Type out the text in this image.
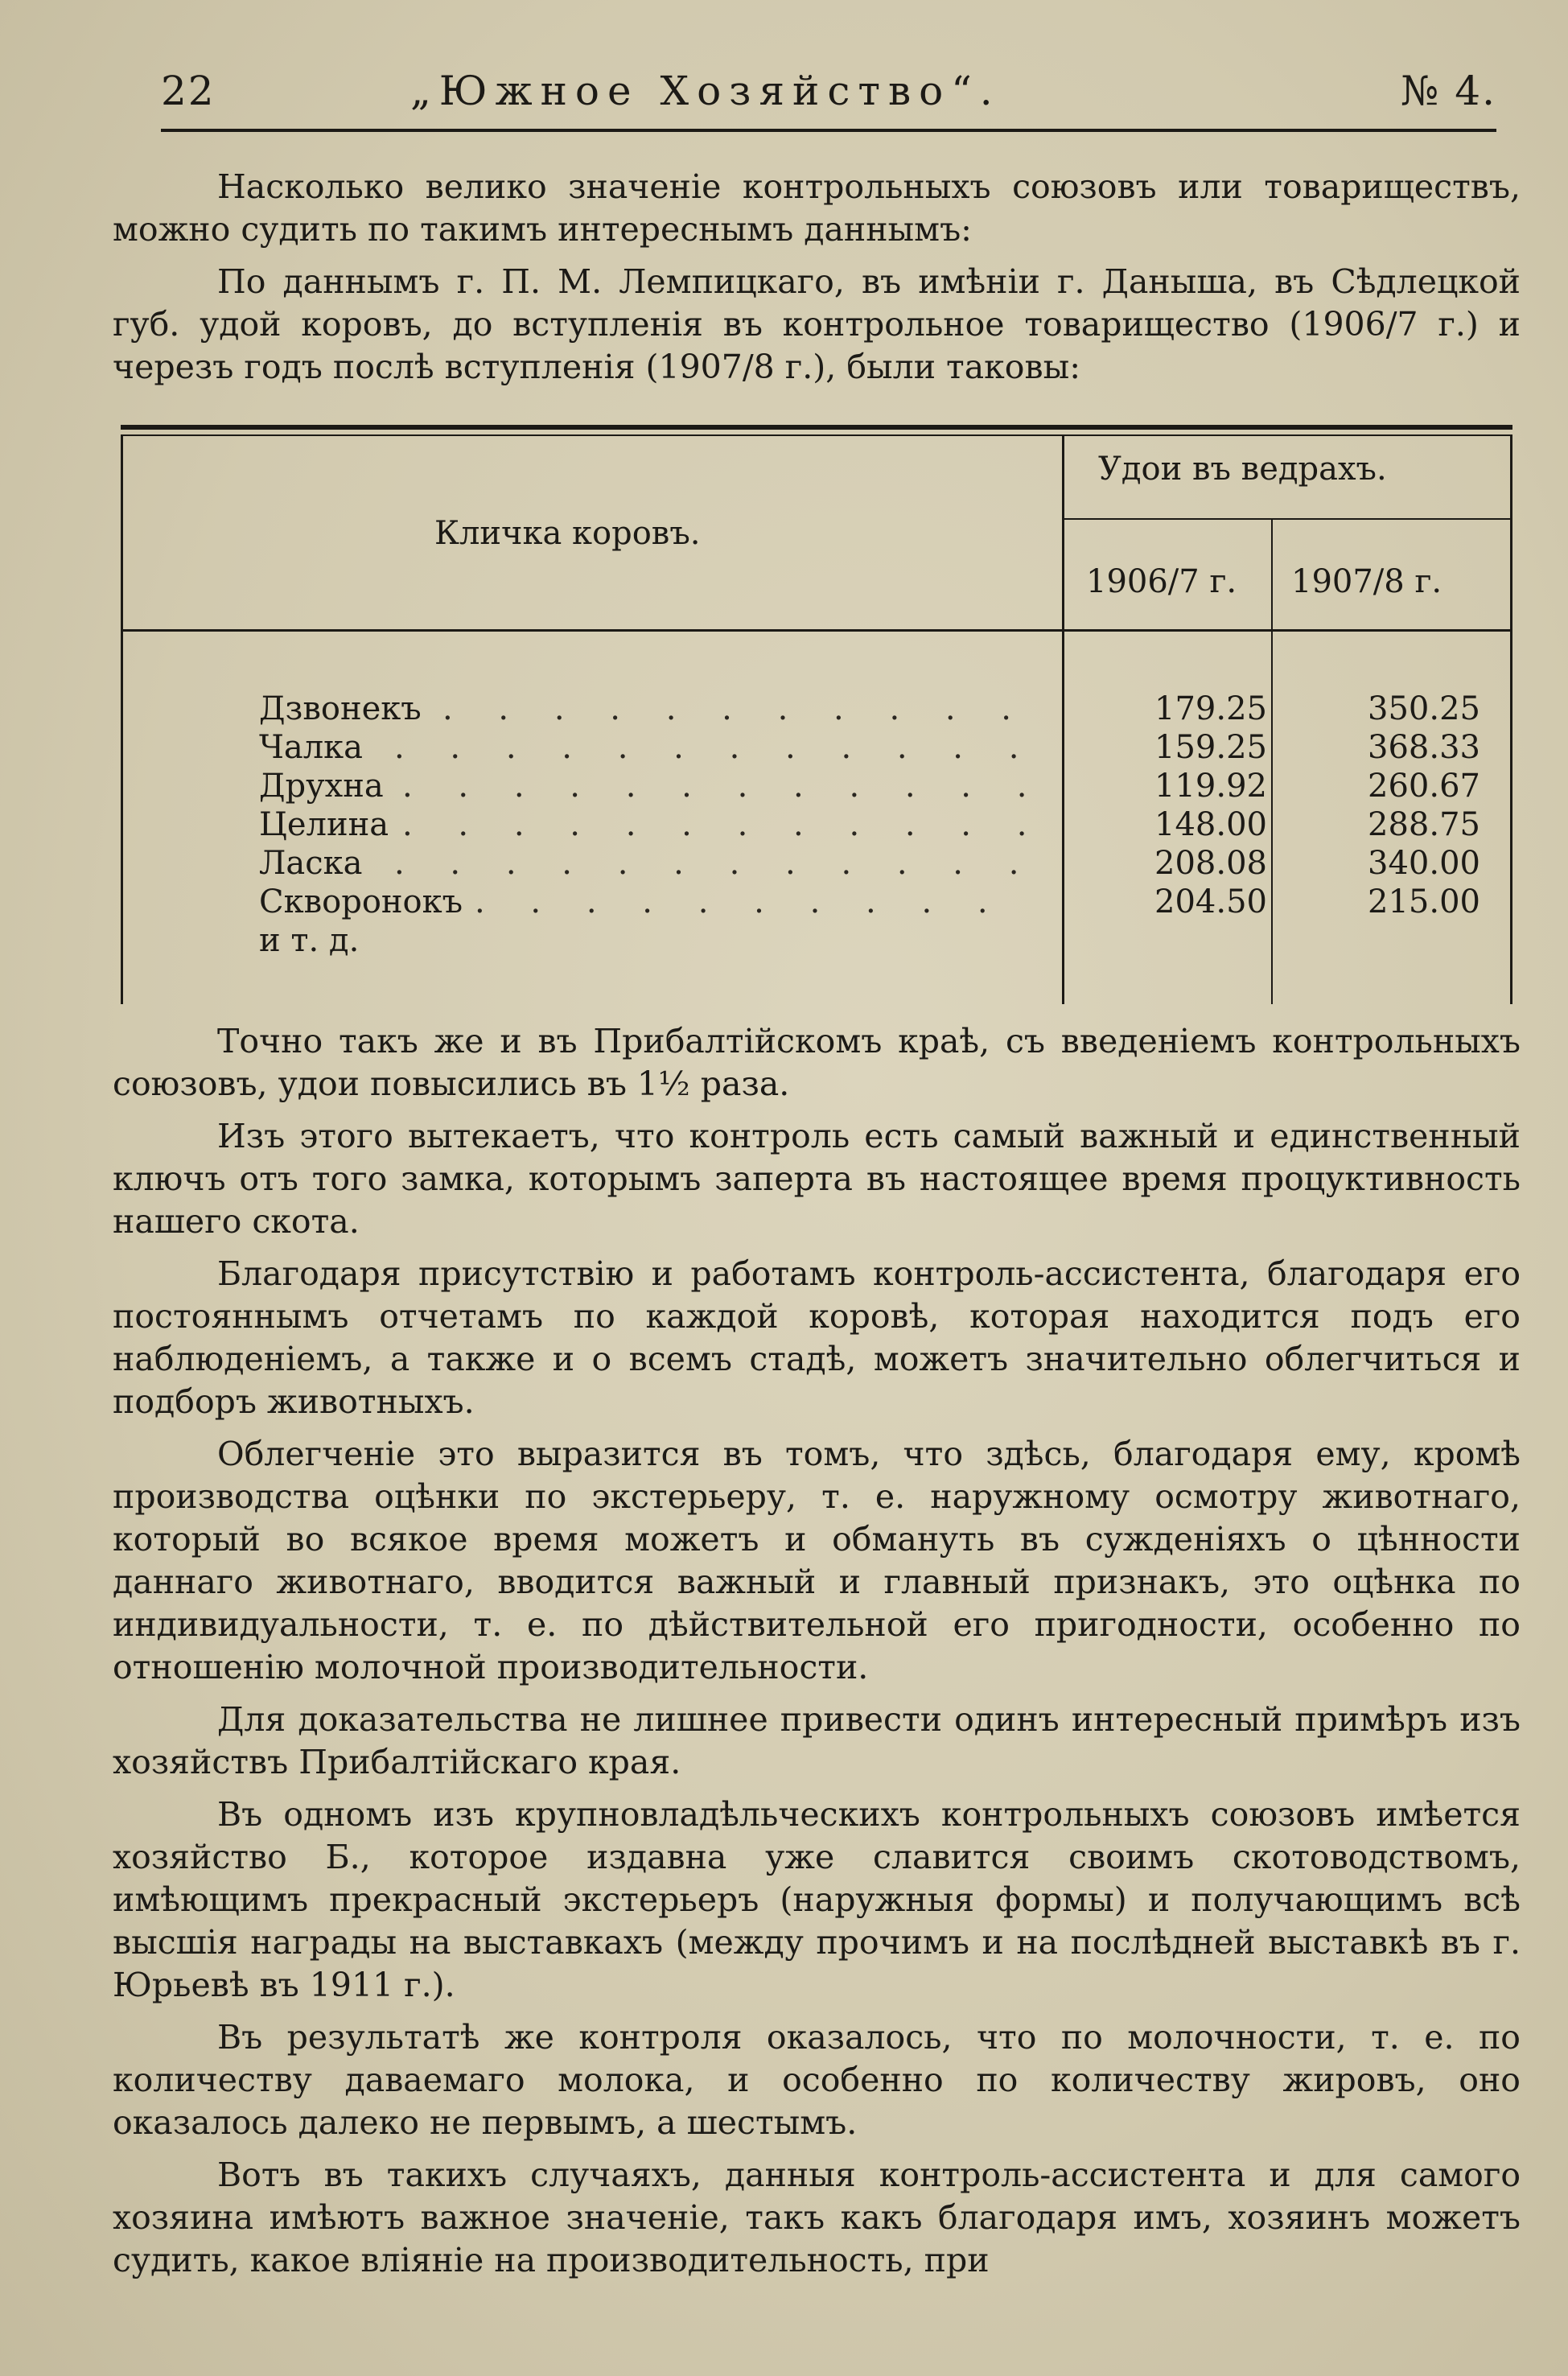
22	„Южное Хозяйство“.	№ 4.

Насколько велико значеніе контрольныхъ союзовъ или товариществъ, можно судить по такимъ интереснымъ даннымъ:

По даннымъ г. П. М. Лемпицкаго, въ имѣніи г. Даныша, въ Сѣдлецкой губ. удой коровъ, до вступленія въ контрольное товарищество (1906/7 г.) и черезъ годъ послѣ вступленія (1907/8 г.), были таковы:

Кличка коровъ.
Удои въ ведрахъ.
1906/7 г. 1907/8 г.
Дзвонекъ . . . . . . . . . . .	179.25	350.25
Чалка . . . . . . . . . . . .	159.25	368.33
Друхна . . . . . . . . . . . .	119.92	260.67
Целина . . . . . . . . . . . .	148.00	288.75
Ласка . . . . . . . . . . . .	208.08	340.00
Скворонокъ . . . . . . . . . .	204.50	215.00
и т. д.

Точно такъ же и въ Прибалтійскомъ краѣ, съ введеніемъ контрольныхъ союзовъ, удои повысились въ 1½ раза.

Изъ этого вытекаетъ, что контроль есть самый важный и единственный ключъ отъ того замка, которымъ заперта въ настоящее время процуктивность нашего скота.

Благодаря присутствію и работамъ контроль-ассистента, благодаря его постояннымъ отчетамъ по каждой коровѣ, которая находится подъ его наблюденіемъ, а также и о всемъ стадѣ, можетъ значительно облегчиться и подборъ животныхъ.

Облегченіе это выразится въ томъ, что здѣсь, благодаря ему, кромѣ производства оцѣнки по экстерьеру, т. е. наружному осмотру животнаго, который во всякое время можетъ и обмануть въ сужденіяхъ о цѣнности даннаго животнаго, вводится важный и главный признакъ, это оцѣнка по индивидуальности, т. е. по дѣйствительной его пригодности, особенно по отношенію молочной производительности.

Для доказательства не лишнее привести одинъ интересный примѣръ изъ хозяйствъ Прибалтійскаго края.

Въ одномъ изъ крупновладѣльческихъ контрольныхъ союзовъ имѣется хозяйство Б., которое издавна уже славится своимъ скотоводствомъ, имѣющимъ прекрасный экстерьеръ (наружныя формы) и получающимъ всѣ высшія награды на выставкахъ (между прочимъ и на послѣдней выставкѣ въ г. Юрьевѣ въ 1911 г.).

Въ результатѣ же контроля оказалось, что по молочности, т. е. по количеству даваемаго молока, и особенно по количеству жировъ, оно оказалось далеко не первымъ, а шестымъ.

Вотъ въ такихъ случаяхъ, данныя контроль-ассистента и для самого хозяина имѣютъ важное значеніе, такъ какъ благодаря имъ, хозяинъ можетъ судить, какое вліяніе на производительность, при
